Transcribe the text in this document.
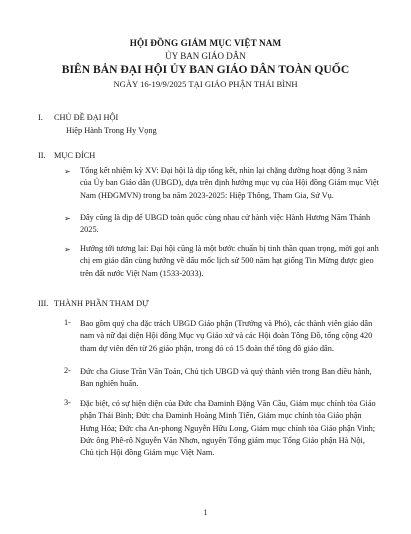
HỘI ĐỒNG GIÁM MỤC VIỆT NAM
ỦY BAN GIÁO DÂN
BIÊN BẢN ĐẠI HỘI ỦY BAN GIÁO DÂN TOÀN QUỐC
NGÀY 16-19/9/2025 TẠI GIÁO PHẬN THÁI BÌNH
I. CHỦ ĐỀ ĐẠI HỘI
Hiệp Hành Trong Hy Vọng
II. MỤC ĐÍCH
➢ Tổng kết nhiệm kỳ XV: Đại hội là dịp tổng kết, nhìn lại chặng đường hoạt động 3 năm của Ủy ban Giáo dân (UBGD), dựa trên định hướng mục vụ của Hội đồng Giám mục Việt Nam (HĐGMVN) trong ba năm 2023-2025: Hiệp Thông, Tham Gia, Sứ Vụ.
➢ Đây cũng là dịp để UBGD toàn quốc cùng nhau cử hành việc Hành Hương Năm Thánh 2025.
➢ Hướng tới tương lai: Đại hội cũng là một bước chuẩn bị tinh thần quan trọng, mời gọi anh chị em giáo dân cùng hướng về dấu mốc lịch sử 500 năm hạt giống Tin Mừng được gieo trên đất nước Việt Nam (1533-2033).
III. THÀNH PHẦN THAM DỰ
1- Bao gồm quý cha đặc trách UBGD Giáo phận (Trưởng và Phó), các thành viên giáo dân nam và nữ đại diện Hội đồng Mục vụ Giáo xứ và các Hội đoàn Tông Đồ, tổng cộng 420 tham dự viên đến từ 26 giáo phận, trong đó có 15 đoàn thể tông đồ giáo dân.
2- Đức cha Giuse Trần Văn Toản, Chủ tịch UBGD và quý thành viên trong Ban điều hành, Ban nghiên huấn.
3- Đặc biệt, có sự hiện diện của Đức cha Đaminh Đặng Văn Cầu, Giám mục chính tòa Giáo phận Thái Bình; Đức cha Đaminh Hoàng Minh Tiến, Giám mục chính tòa Giáo phận Hưng Hóa; Đức cha An-phong Nguyễn Hữu Long, Giám mục chính tòa Giáo phận Vinh; Đức ông Phê-rô Nguyễn Văn Nhơn, nguyên Tổng giám mục Tổng Giáo phận Hà Nội, Chủ tịch Hội đồng Giám mục Việt Nam.
1
